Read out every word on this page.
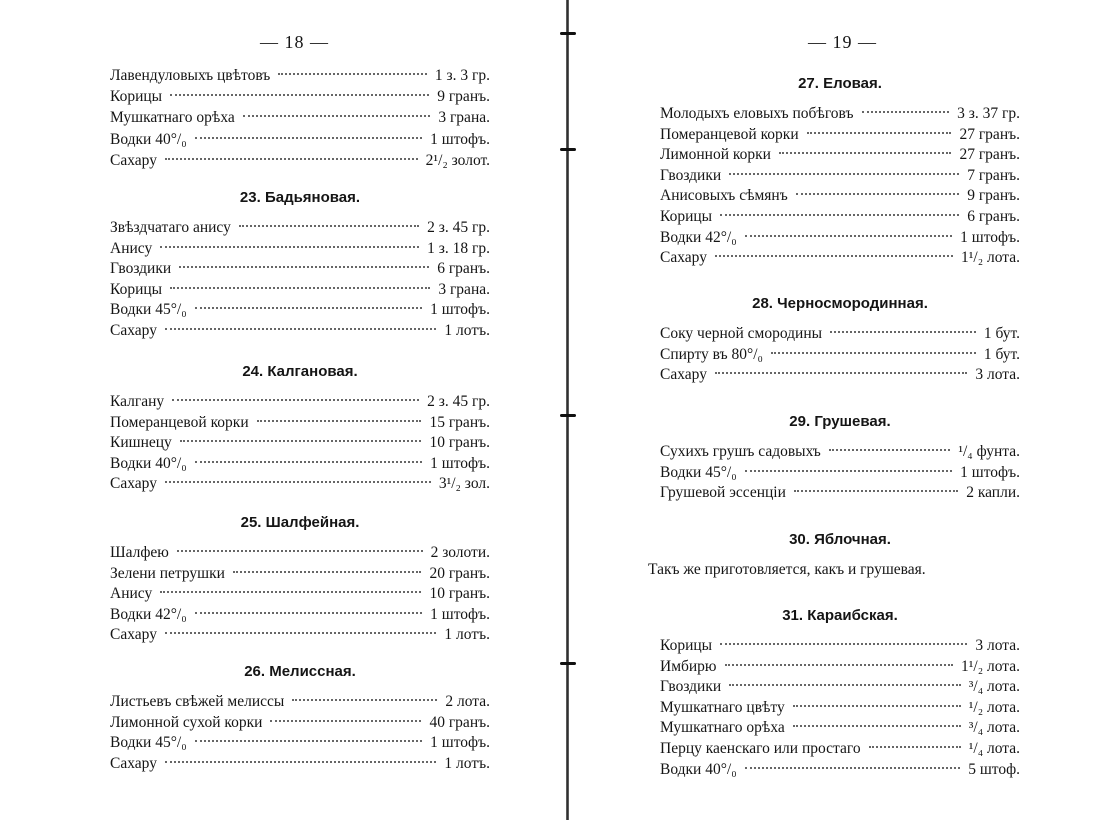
— 18 —
Лавендуловыхъ цвѣтовъ	1 з. 3 гр.
Корицы	9 гранъ.
Мушкатнаго орѣха	3 грана.
Водки 40°/₀	1 штофъ.
Сахару	2¹/₂ золот.
23. Бадьяновая.
Звѣздчатаго анису	2 з. 45 гр.
Анису	1 з. 18 гр.
Гвоздики	6 гранъ.
Корицы	3 грана.
Водки 45°/₀	1 штофъ.
Сахару	1 лотъ.
24. Калгановая.
Калгану	2 з. 45 гр.
Померанцевой корки	15 гранъ.
Кишнецу	10 гранъ.
Водки 40°/₀	1 штофъ.
Сахару	3¹/₂ зол.
25. Шалфейная.
Шалфею	2 золоти.
Зелени петрушки	20 гранъ.
Анису	10 гранъ.
Водки 42°/₀	1 штофъ.
Сахару	1 лотъ.
26. Мелиссная.
Листьевъ свѣжей мелиссы	2 лота.
Лимонной сухой корки	40 гранъ.
Водки 45°/₀	1 штофъ.
Сахару	1 лотъ.
— 19 —
27. Еловая.
Молодыхъ еловыхъ побѣговъ	3 з. 37 гр.
Померанцевой корки	27 гранъ.
Лимонной корки	27 гранъ.
Гвоздики	7 гранъ.
Анисовыхъ сѣмянъ	9 гранъ.
Корицы	6 гранъ.
Водки 42°/₀	1 штофъ.
Сахару	1¹/₂ лота.
28. Черносмородинная.
Соку черной смородины	1 бут.
Спирту въ 80°/₀	1 бут.
Сахару	3 лота.
29. Грушевая.
Сухихъ грушъ садовыхъ	¹/₄ фунта.
Водки 45°/₀	1 штофъ.
Грушевой эссенціи	2 капли.
30. Яблочная.
Такъ же приготовляется, какъ и грушевая.
31. Караибская.
Корицы	3 лота.
Имбирю	1¹/₂ лота.
Гвоздики	³/₄ лота.
Мушкатнаго цвѣту	¹/₂ лота.
Мушкатнаго орѣха	³/₄ лота.
Перцу каенскаго или простаго	¹/₄ лота.
Водки 40°/₀	5 штоф.
